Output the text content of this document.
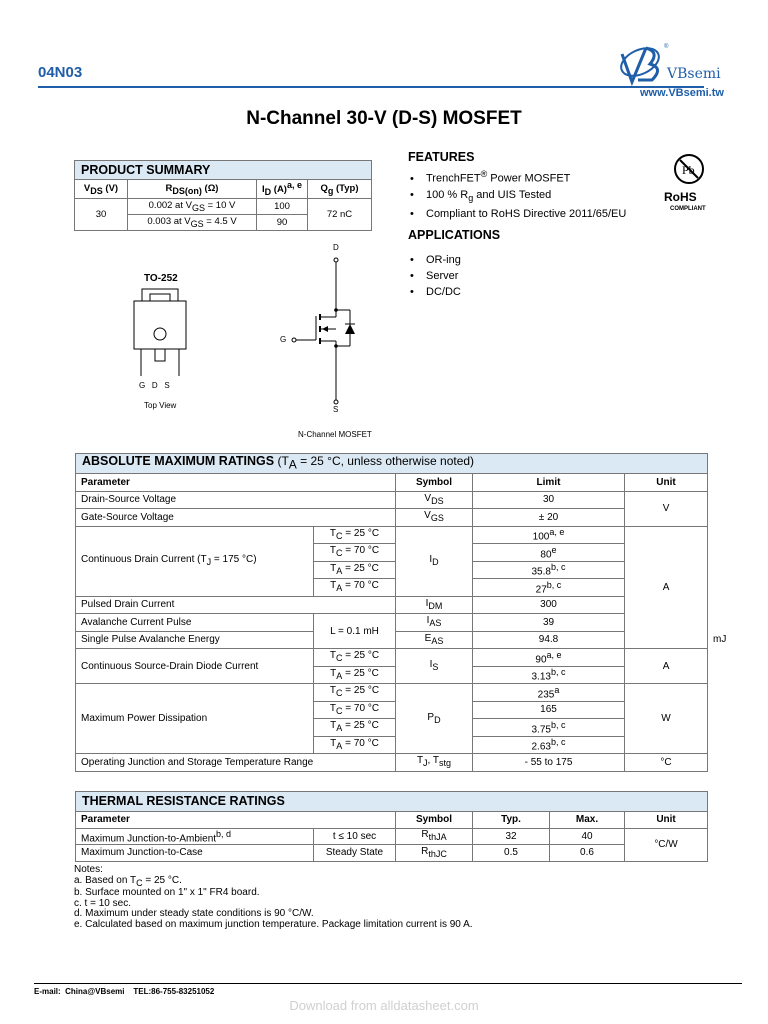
04N03
®
VBsemi
www.VBsemi.tw
N-Channel 30-V (D-S) MOSFET
PRODUCT SUMMARY			
$V_{DS}$ (V)	$R_{DS(on)}$ (Ω)	$I_D$ $(A)^{a, e}$	$Q_g$ (Typ)
30	0.002 at $V_{GS} = 10$ V	100	72 nC
	0.003 at $V_{GS} = 4.5$ V	90	
FEATURES
• TrenchFET® Power MOSFET
• 100 % $R_g$ and UIS Tested
• Compliant to RoHS Directive 2011/65/EU
Pb
RoHS
COMPLIANT
APPLICATIONS
• OR-ing
• Server
• DC/DC
TO-252
G   D   S
Top View
D
G
S
N-Channel MOSFET
ABSOLUTE MAXIMUM RATINGS ($T_A = 25$ °C, unless otherwise noted)					
Parameter		Symbol	Limit	Unit	
Drain-Source Voltage		$V_{DS}$	30	V	
Gate-Source Voltage		$V_{GS}$	± 20		
Continuous Drain Current ($T_J = 175$ °C)	$T_C = 25$ °C	$I_D$	100$^{a, e}$	A	
	$T_C = 70$ °C		80e
	$T_A = 25$ °C		35.8$^{b, c}$
	$T_A = 70$ °C		27$^{b, c}$
Pulsed Drain Current		$I_{DM}$	300		
Avalanche Current Pulse	L = 0.1 mH	$I_{AS}$	39		
Single Pulse Avalanche Energy		$E_{AS}$	94.8		mJ
Continuous Source-Drain Diode Current	$T_C = 25$ °C	$I_S$	90$^{a, e}$	A	
	$T_A = 25$ °C		3.13$^{b, c}$
Maximum Power Dissipation	$T_C = 25$ °C	$P_D$	235$^a$	W	
	$T_C = 70$ °C		165		
	$T_A = 25$ °C		3.75$^{b, c}$
	$T_A = 70$ °C		2.63$^{b, c}$
Operating Junction and Storage Temperature Range		$T_J$, $T_{stg}$	- 55 to 175	°C	
THERMAL RESISTANCE RATINGS					
Parameter		Symbol	Typ.	Max.	Unit
Maximum Junction-to-Ambient$^{b, d}$	t ≤ 10 sec	$R_{thJA}$	32	40	°C/W
Maximum Junction-to-Case	Steady State	$R_{thJC}$	0.5	0.6	
Notes:
a. Based on $T_C = 25$ °C.
b. Surface mounted on 1" x 1" FR4 board.
c. t = 10 sec.
d. Maximum under steady state conditions is 90 °C/W.
e. Calculated based on maximum junction temperature. Package limitation current is 90 A.
E-mail:  China@VBsemi    TEL:86-755-83251052
Download from alldatasheet.com
